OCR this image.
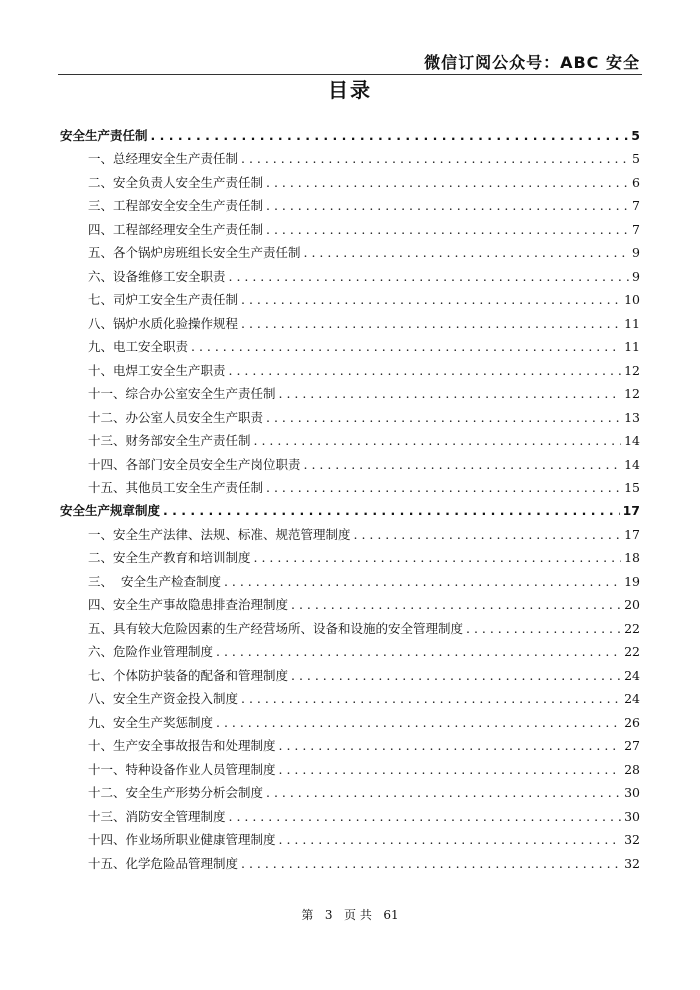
微信订阅公众号：ABC 安全
目录
安全生产责任制 . . .	5
一、总经理安全生产责任制 . . .	5
二、安全负责人安全生产责任制 . . .	6
三、工程部安全安全生产责任制 . . .	7
四、工程部经理安全生产责任制 . . .	7
五、各个锅炉房班组长安全生产责任制 . . .	9
六、设备维修工安全职责 . . .	9
七、司炉工安全生产责任制 . . .	10
八、锅炉水质化验操作规程 . . .	11
九、电工安全职责 . . .	11
十、电焊工安全生产职责 . . .	12
十一、综合办公室安全生产责任制 . . .	12
十二、办公室人员安全生产职责 . . .	13
十三、财务部安全生产责任制 . . .	14
十四、各部门安全员安全生产岗位职责 . . .	14
十五、其他员工安全生产责任制 . . .	15
安全生产规章制度 . . .	17
一、安全生产法律、法规、标准、规范管理制度 . . .	17
二、安全生产教育和培训制度 . . .	18
三、  安全生产检查制度 . . .	19
四、安全生产事故隐患排查治理制度 . . .	20
五、具有较大危险因素的生产经营场所、设备和设施的安全管理制度 . . .	22
六、危险作业管理制度 . . .	22
七、个体防护装备的配备和管理制度 . . .	24
八、安全生产资金投入制度 . . .	24
九、安全生产奖惩制度 . . .	26
十、生产安全事故报告和处理制度 . . .	27
十一、特种设备作业人员管理制度 . . .	28
十二、安全生产形势分析会制度 . . .	30
十三、消防安全管理制度 . . .	30
十四、作业场所职业健康管理制度 . . .	32
十五、化学危险品管理制度 . . .	32
第 3 页 共 61
